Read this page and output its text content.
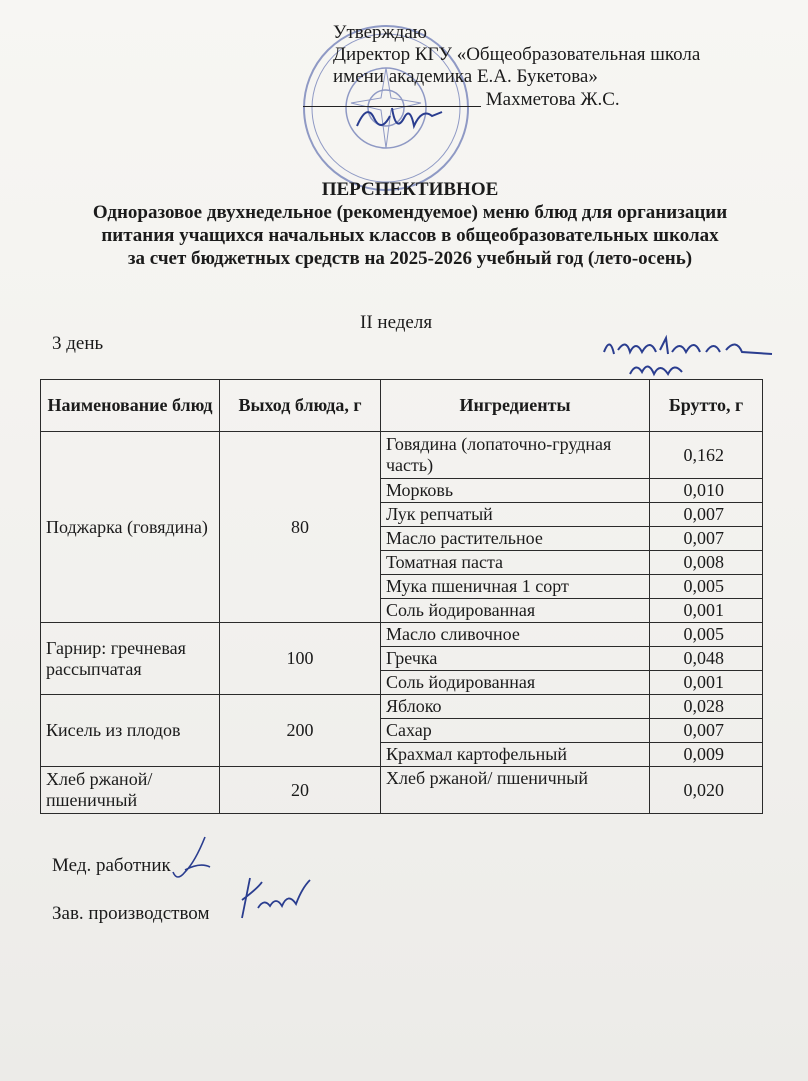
Утверждаю
Директор КГУ «Общеобразовательная школа
имени академика Е.А. Букетова»
Махметова Ж.С.
ПЕРСПЕКТИВНОЕ
Одноразовое двухнедельное (рекомендуемое) меню блюд для организации
питания учащихся начальных классов в общеобразовательных школах
за счет бюджетных средств на 2025-2026 учебный год (лето-осень)
II неделя
3 день
Наименование блюд	Выход блюда, г	Ингредиенты	Брутто, г
Поджарка (говядина)	80	Говядина (лопаточно-грудная часть)	0,162
		Морковь	0,010
		Лук репчатый	0,007
		Масло растительное	0,007
		Томатная паста	0,008
		Мука пшеничная 1 сорт	0,005
		Соль йодированная	0,001
Гарнир: гречневая рассыпчатая	100	Масло сливочное	0,005
		Гречка	0,048
		Соль йодированная	0,001
Кисель из плодов	200	Яблоко	0,028
		Сахар	0,007
		Крахмал картофельный	0,009
Хлеб ржаной/ пшеничный	20	Хлеб ржаной/ пшеничный	0,020
Мед. работник
Зав. производством
